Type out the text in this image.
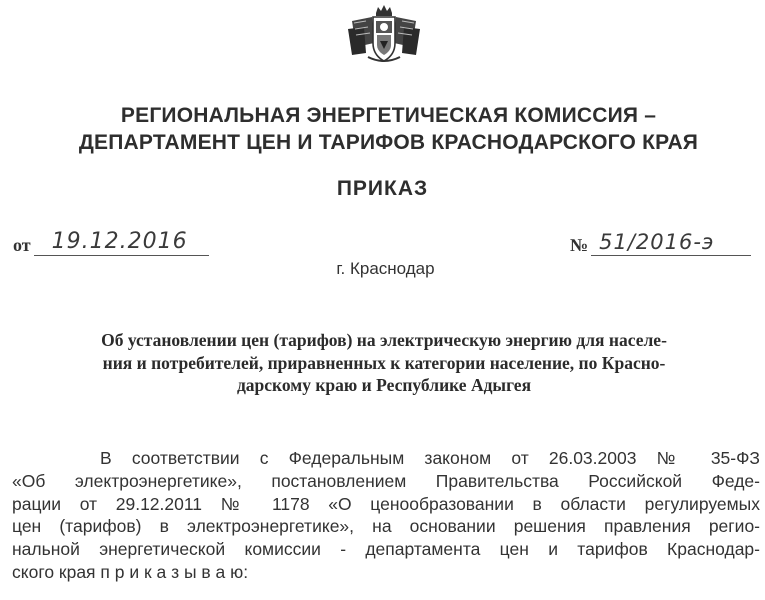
РЕГИОНАЛЬНАЯ ЭНЕРГЕТИЧЕСКАЯ КОМИССИЯ –
ДЕПАРТАМЕНТ ЦЕН И ТАРИФОВ КРАСНОДАРСКОГО КРАЯ
ПРИКАЗ
от 19.12.2016	№ 51/2016-э
г. Краснодар
Об установлении цен (тарифов) на электрическую энергию для населе-
ния и потребителей, приравненных к категории население, по Красно-
дарскому краю и Республике Адыгея
В соответствии с Федеральным законом от 26.03.2003 № 35-ФЗ
«Об электроэнергетике», постановлением Правительства Российской Феде-
рации от 29.12.2011 № 1178 «О ценообразовании в области регулируемых
цен (тарифов) в электроэнергетике», на основании решения правления регио-
нальной энергетической комиссии - департамента цен и тарифов Краснодар-
ского края п р и к а з ы в а ю:
